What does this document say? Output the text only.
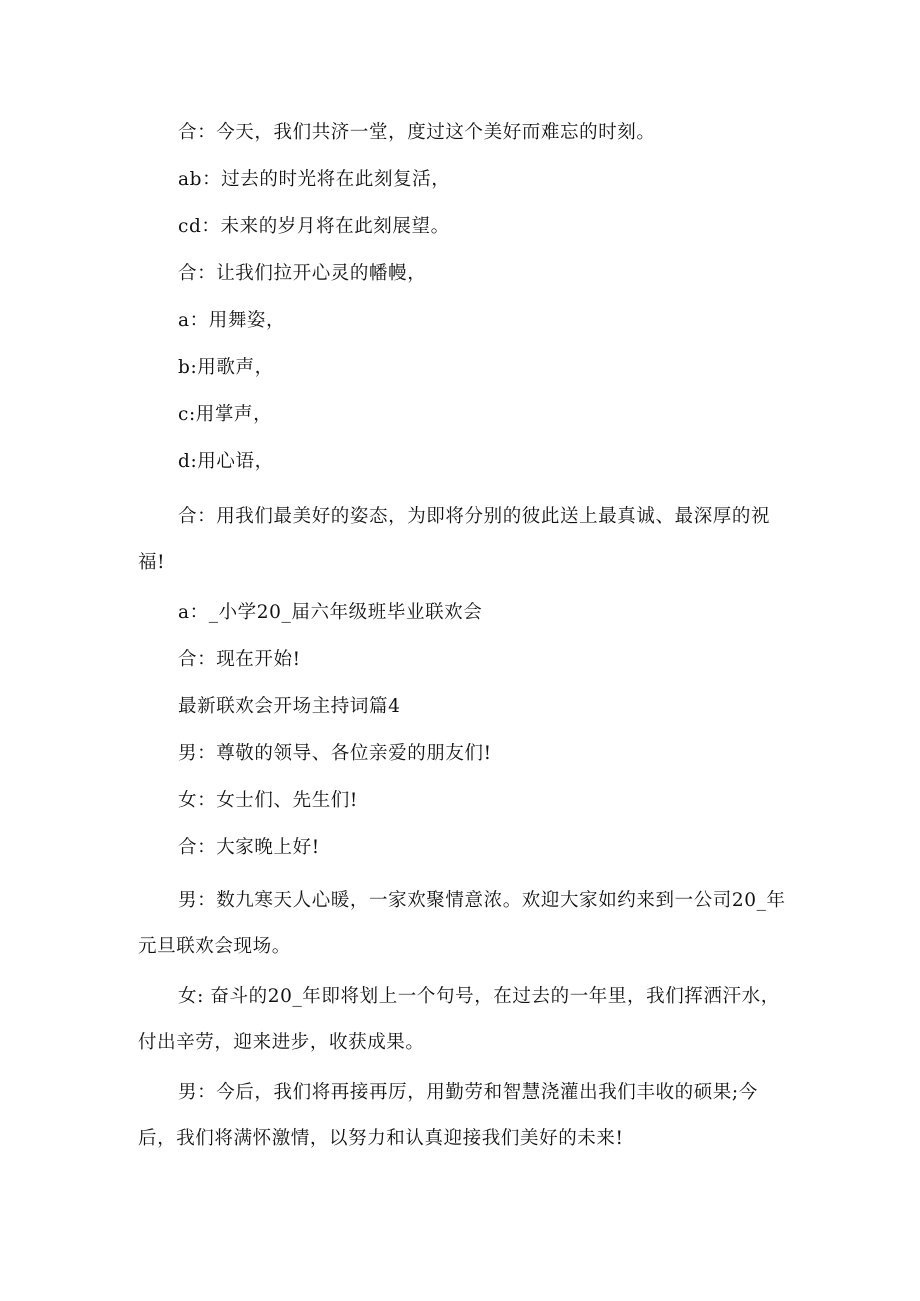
合：今天，我们共济一堂，度过这个美好而难忘的时刻。

ab：过去的时光将在此刻复活，

cd：未来的岁月将在此刻展望。

合：让我们拉开心灵的幡幔，

a：用舞姿，

b:用歌声，

c:用掌声，

d:用心语，

合：用我们最美好的姿态，为即将分别的彼此送上最真诚、最深厚的祝福!

a：_小学20_届六年级班毕业联欢会

合：现在开始!

最新联欢会开场主持词篇4

男：尊敬的领导、各位亲爱的朋友们!

女：女士们、先生们!

合：大家晚上好!

男：数九寒天人心暖，一家欢聚情意浓。欢迎大家如约来到一公司20_年元旦联欢会现场。

女: 奋斗的20_年即将划上一个句号，在过去的一年里，我们挥洒汗水，付出辛劳，迎来进步，收获成果。

男：今后，我们将再接再厉，用勤劳和智慧浇灌出我们丰收的硕果;今后，我们将满怀激情，以努力和认真迎接我们美好的未来!
